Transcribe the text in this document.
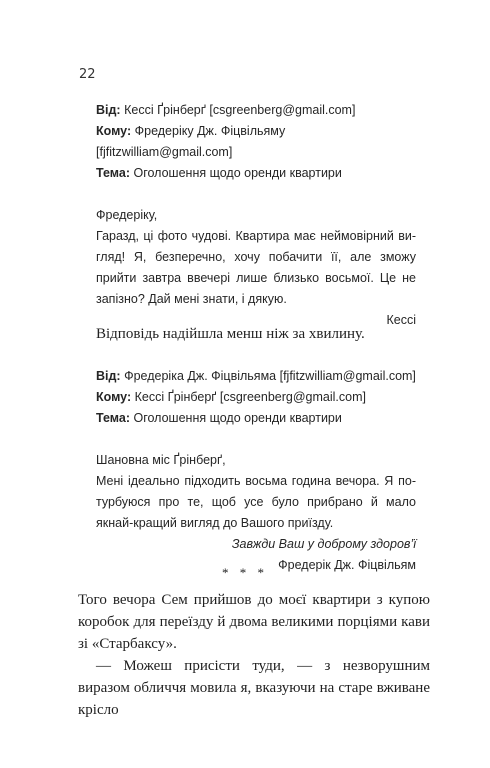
22
Від: Кессі Ґрінберґ [csgreenberg@gmail.com]
Кому: Фредеріку Дж. Фіцвільяму
[fjfitzwilliam@gmail.com]
Тема: Оголошення щодо оренди квартири
Фредеріку,

Гаразд, ці фото чудові. Квартира має неймовірний ви-гляд! Я, безперечно, хочу побачити її, але зможу прийти завтра ввечері лише близько восьмої. Це не запізно? Дай мені знати, і дякую.

Кессі
Відповідь надійшла менш ніж за хвилину.
Від: Фредеріка Дж. Фіцвільяма [fjfitzwilliam@gmail.com]
Кому: Кессі Ґрінберґ [csgreenberg@gmail.com]
Тема: Оголошення щодо оренди квартири
Шановна міс Ґрінберґ,

Мені ідеально підходить восьма година вечора. Я по-турбуюся про те, щоб усе було прибрано й мало якнай-кращий вигляд до Вашого приїзду.

Завжди Ваш у доброму здоров’ї
Фредерік Дж. Фіцвільям
* * *

Того вечора Сем прийшов до моєї квартири з купою коробок для переїзду й двома великими порціями кави зі «Старбаксу».

— Можеш присісти туди, — з незворушним виразом обличчя мовила я, вказуючи на старе вживане крісло
